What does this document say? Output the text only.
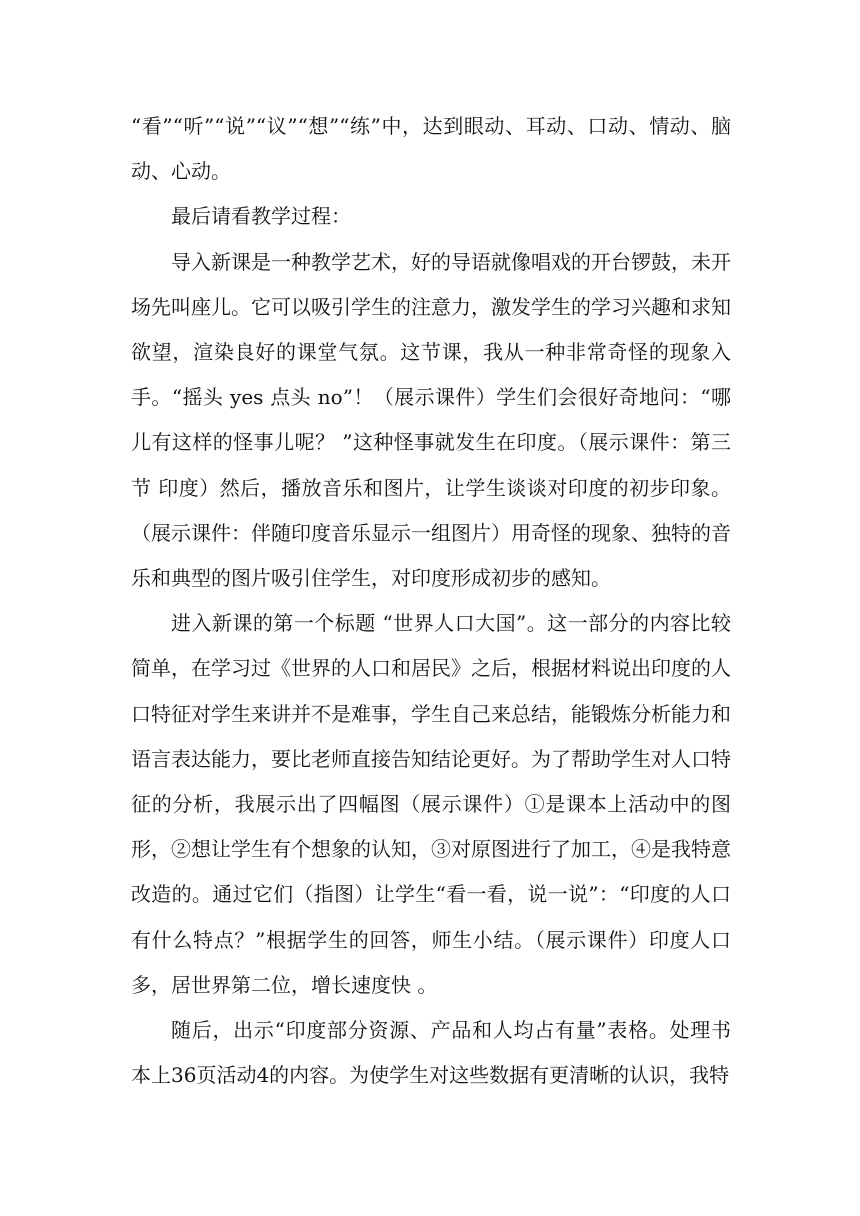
“看”“听”“说”“议”“想”“练”中，达到眼动、耳动、口动、情动、脑动、心动。

最后请看教学过程：

导入新课是一种教学艺术，好的导语就像唱戏的开台锣鼓，未开场先叫座儿。它可以吸引学生的注意力，激发学生的学习兴趣和求知欲望，渲染良好的课堂气氛。这节课，我从一种非常奇怪的现象入手。“摇头 yes 点头 no”！（展示课件）学生们会很好奇地问：“哪儿有这样的怪事儿呢？ ”这种怪事就发生在印度。（展示课件：第三节 印度）然后，播放音乐和图片，让学生谈谈对印度的初步印象。（展示课件：伴随印度音乐显示一组图片）用奇怪的现象、独特的音乐和典型的图片吸引住学生，对印度形成初步的感知。

进入新课的第一个标题 “世界人口大国”。这一部分的内容比较简单，在学习过《世界的人口和居民》之后，根据材料说出印度的人口特征对学生来讲并不是难事，学生自己来总结，能锻炼分析能力和语言表达能力，要比老师直接告知结论更好。为了帮助学生对人口特征的分析，我展示出了四幅图（展示课件）①是课本上活动中的图形，②想让学生有个想象的认知，③对原图进行了加工，④是我特意改造的。通过它们（指图）让学生“看一看，说一说”：“印度的人口有什么特点？”根据学生的回答，师生小结。（展示课件）印度人口多，居世界第二位，增长速度快 。

随后，出示“印度部分资源、产品和人均占有量”表格。处理书本上36页活动4的内容。为使学生对这些数据有更清晰的认识，我特
